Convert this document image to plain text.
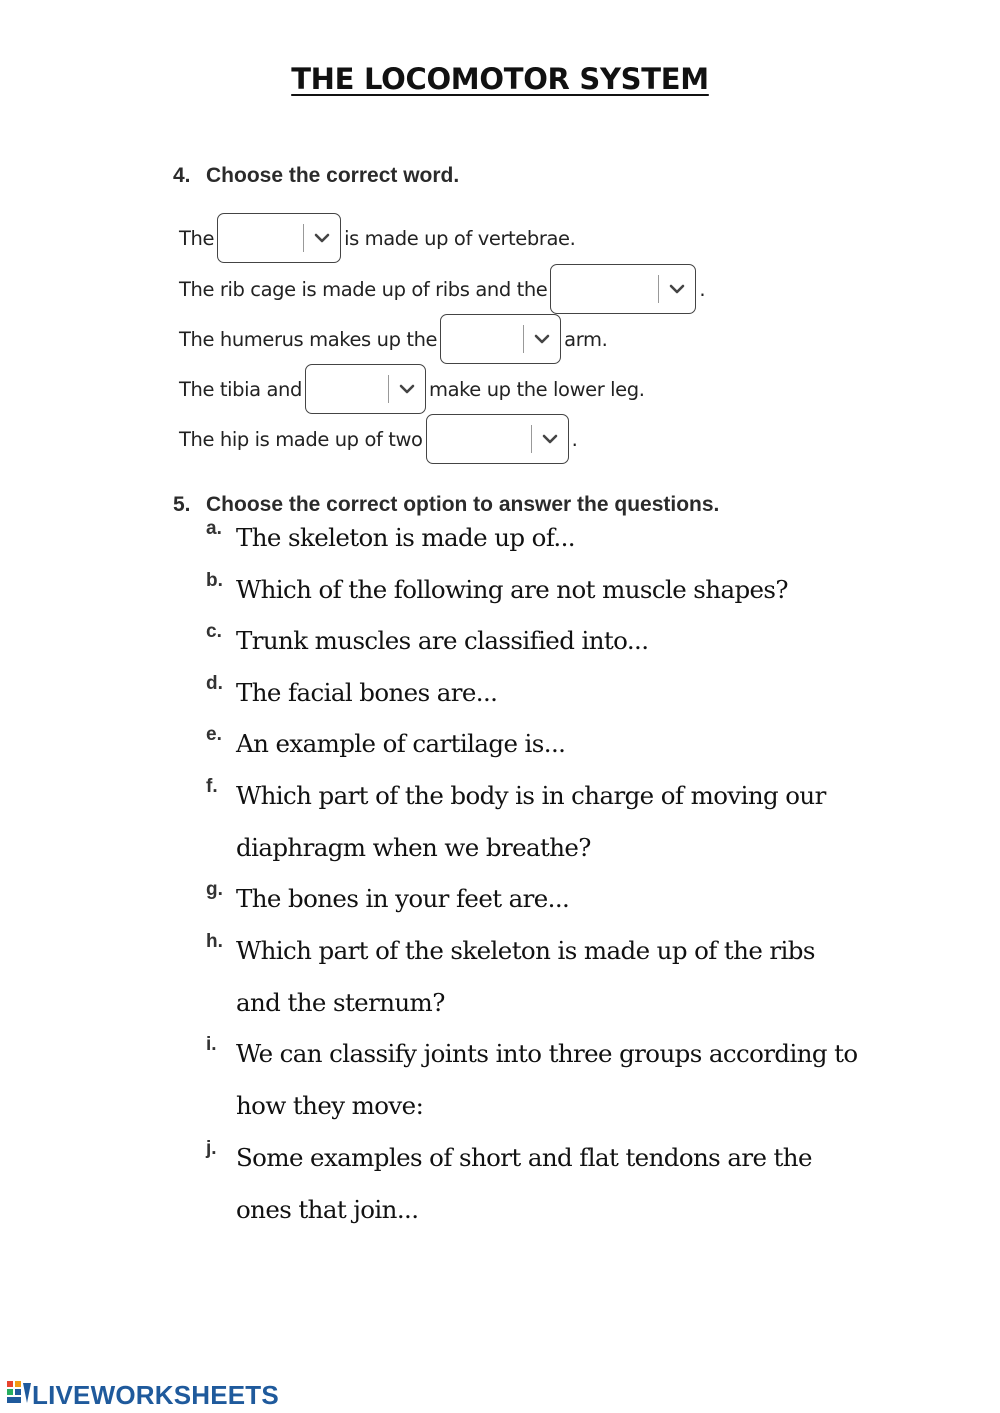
THE LOCOMOTOR SYSTEM
4. Choose the correct word.
The	is made up of vertebrae.
The rib cage is made up of ribs and the	.
The humerus makes up the	arm.
The tibia and	make up the lower leg.
The hip is made up of two	.
5. Choose the correct option to answer the questions.
a. The skeleton is made up of...
b. Which of the following are not muscle shapes?
c. Trunk muscles are classified into...
d. The facial bones are...
e. An example of cartilage is...
f. Which part of the body is in charge of moving our diaphragm when we breathe?
g. The bones in your feet are...
h. Which part of the skeleton is made up of the ribs and the sternum?
i. We can classify joints into three groups according to how they move:
j. Some examples of short and flat tendons are the ones that join...
LIVEWORKSHEETS
